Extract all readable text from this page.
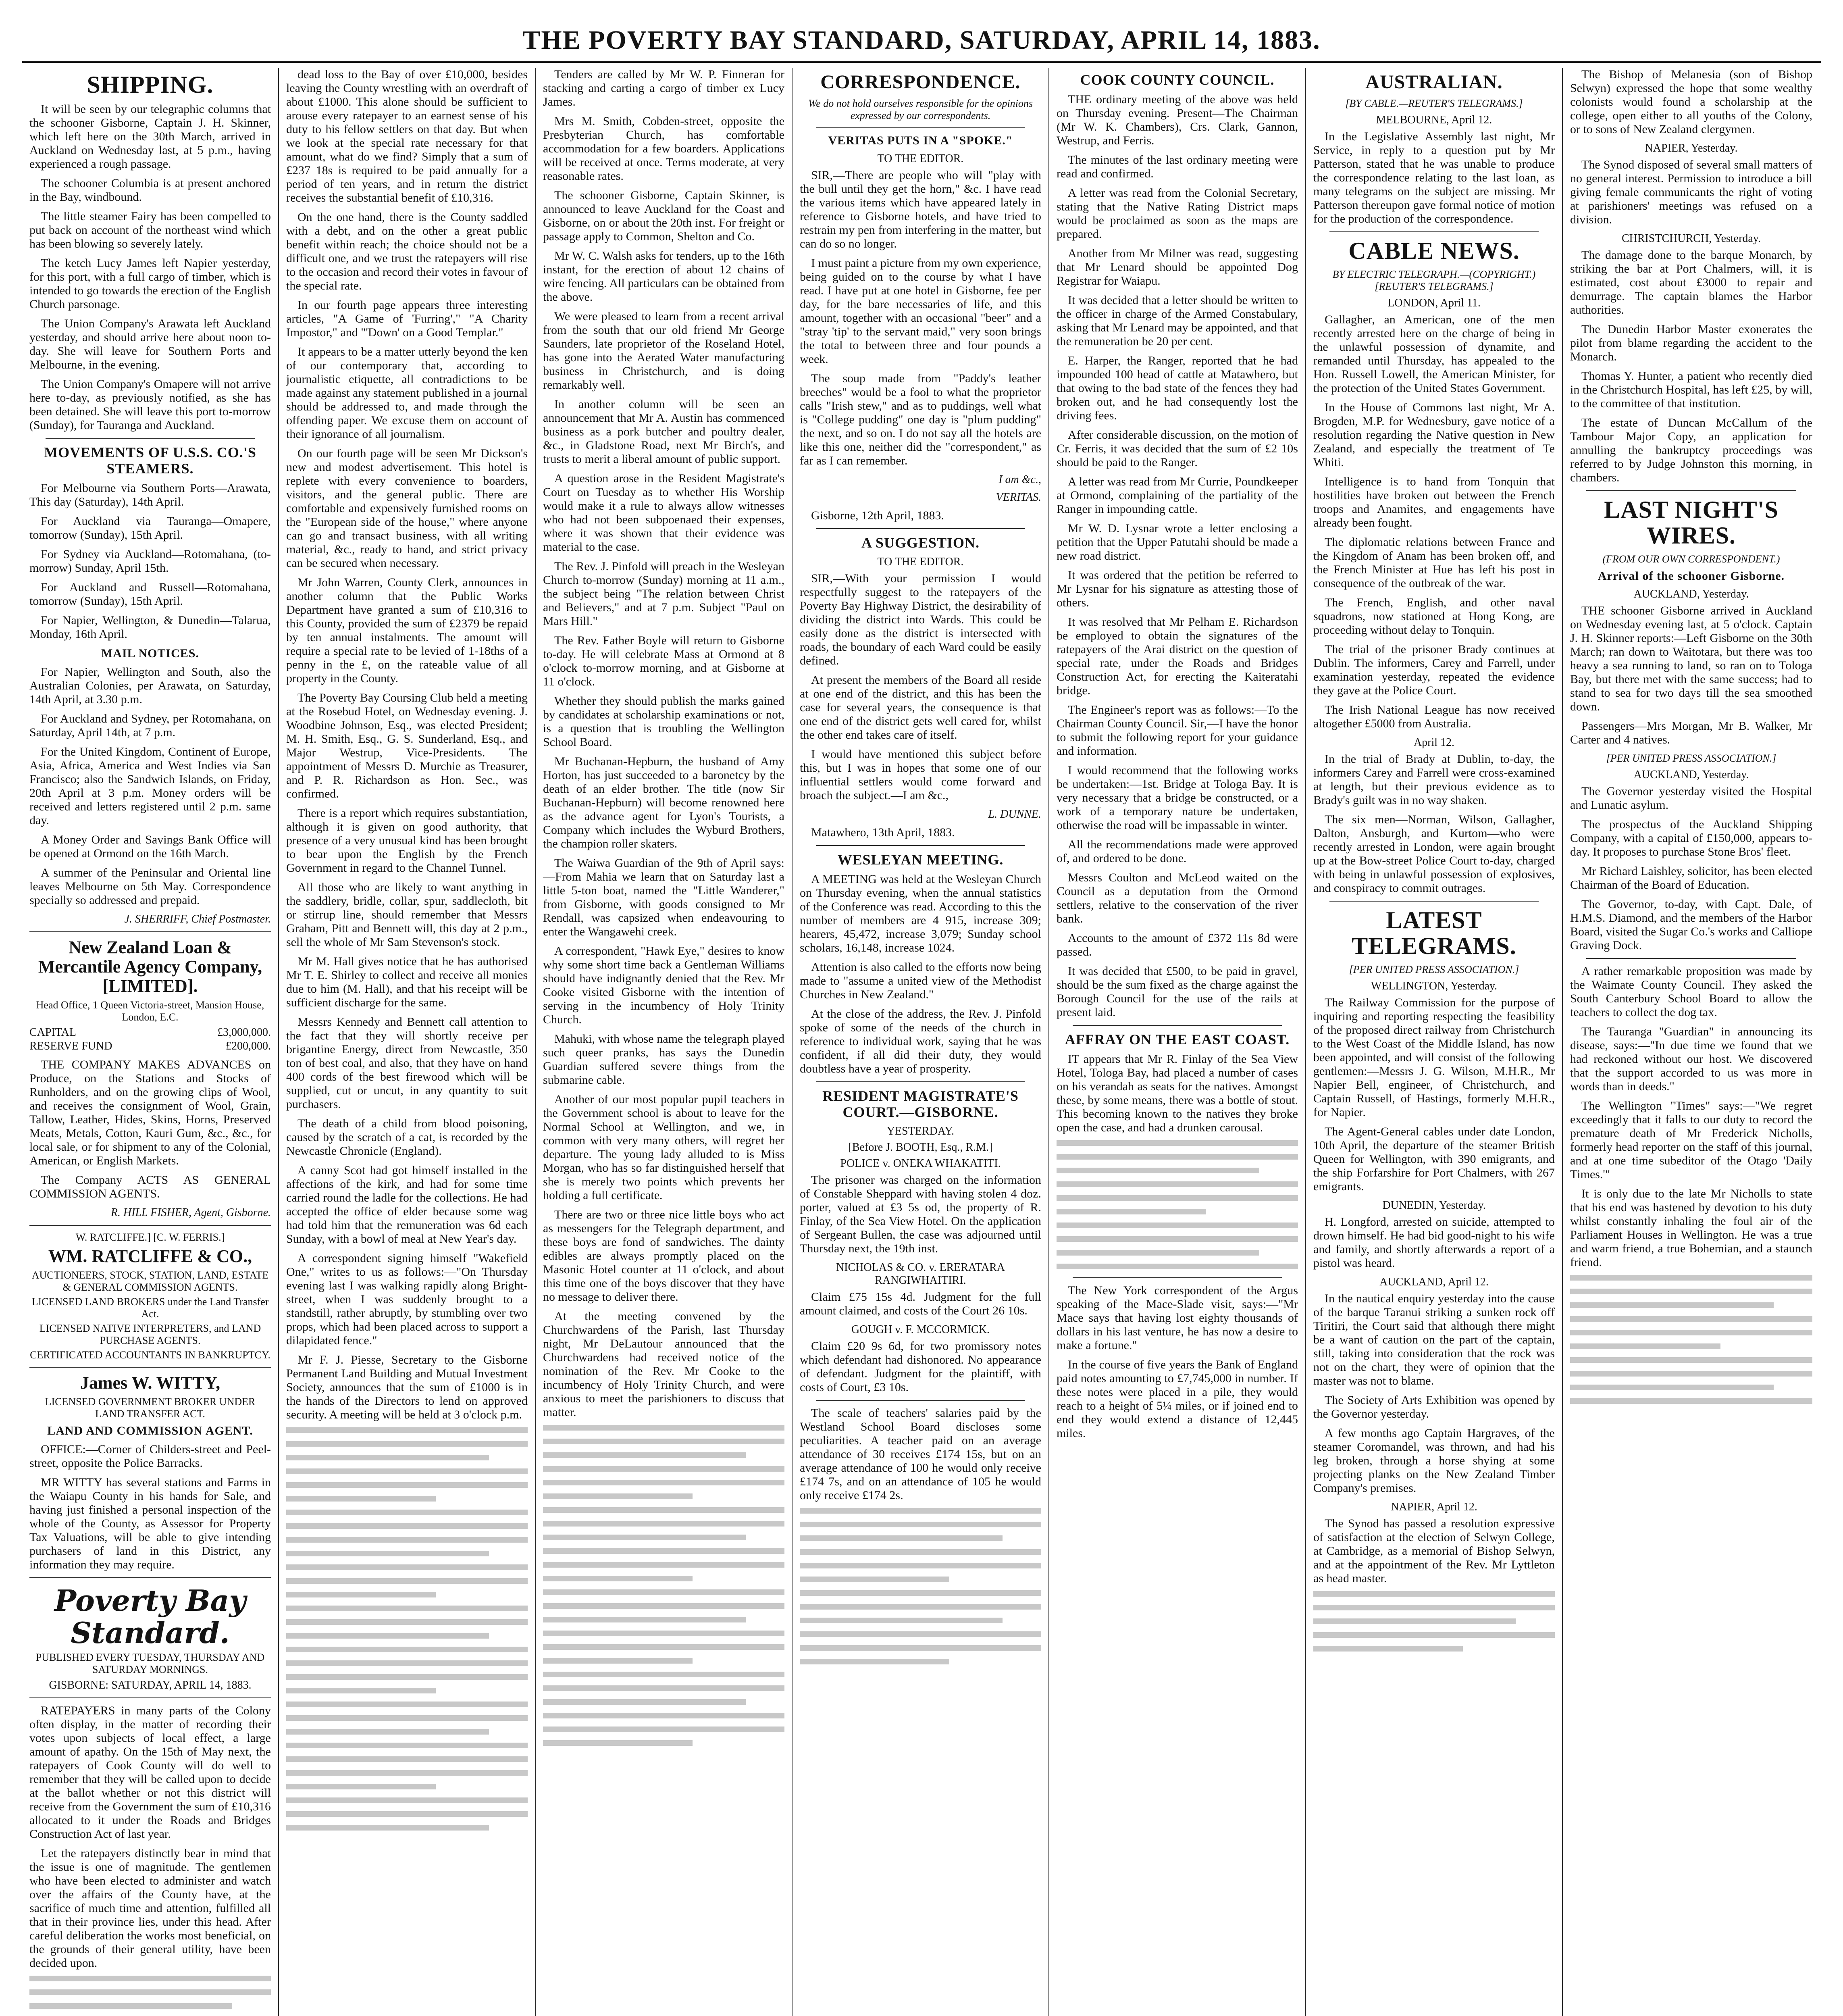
THE POVERTY BAY STANDARD, SATURDAY, APRIL 14, 1883.
SHIPPING.

It will be seen by our telegraphic columns that the schooner Gisborne, Captain J. H. Skinner, which left here on the 30th March, arrived in Auckland on Wednesday last, at 5 p.m., having experienced a rough passage.

The schooner Columbia is at present anchored in the Bay, windbound.

The little steamer Fairy has been compelled to put back on account of the northeast wind which has been blowing so severely lately.

The ketch Lucy James left Napier yesterday, for this port, with a full cargo of timber, which is intended to go towards the erection of the English Church parsonage.

The Union Company's Arawata left Auckland yesterday, and should arrive here about noon to-day. She will leave for Southern Ports and Melbourne, in the evening.

The Union Company's Omapere will not arrive here to-day, as previously notified, as she has been detained. She will leave this port to-morrow (Sunday), for Tauranga and Auckland.

MOVEMENTS OF U.S.S. CO.'S STEAMERS.

For Melbourne via Southern Ports—Arawata, This day (Saturday), 14th April.

For Auckland via Tauranga—Omapere, tomorrow (Sunday), 15th April.

For Sydney via Auckland—Rotomahana, (to-morrow) Sunday, April 15th.

For Auckland and Russell—Rotomahana, tomorrow (Sunday), 15th April.

For Napier, Wellington, & Dunedin—Talarua, Monday, 16th April.

MAIL NOTICES.

For Napier, Wellington and South, also the Australian Colonies, per Arawata, on Saturday, 14th April, at 3.30 p.m.

For Auckland and Sydney, per Rotomahana, on Saturday, April 14th, at 7 p.m.

For the United Kingdom, Continent of Europe, Asia, Africa, America and West Indies via San Francisco; also the Sandwich Islands, on Friday, 20th April at 3 p.m. Money orders will be received and letters registered until 2 p.m. same day.

A Money Order and Savings Bank Office will be opened at Ormond on the 16th March.

A summer of the Peninsular and Oriental line leaves Melbourne on 5th May. Correspondence specially so addressed and prepaid.

J. SHERRIFF, Chief Postmaster.
New Zealand Loan & Mercantile Agency Company, [LIMITED].
Head Office, 1 Queen Victoria-street, Mansion House, London, E.C.
CAPITAL	£3,000,000.
RESERVE FUND	£200,000.

THE COMPANY MAKES ADVANCES on Produce, on the Stations and Stocks of Runholders, and on the growing clips of Wool, and receives the consignment of Wool, Grain, Tallow, Leather, Hides, Skins, Horns, Preserved Meats, Metals, Cotton, Kauri Gum, &c., &c., for local sale, or for shipment to any of the Colonial, American, or English Markets.

The Company ACTS AS GENERAL COMMISSION AGENTS.

R. HILL FISHER, Agent, Gisborne.
W. RATCLIFFE.] [C. W. FERRIS.]
WM. RATCLIFFE & CO.,
AUCTIONEERS, STOCK, STATION, LAND, ESTATE & GENERAL COMMISSION AGENTS.
LICENSED LAND BROKERS under the Land Transfer Act.
LICENSED NATIVE INTERPRETERS, and LAND PURCHASE AGENTS.
CERTIFICATED ACCOUNTANTS IN BANKRUPTCY.
James W. WITTY,
LICENSED GOVERNMENT BROKER UNDER LAND TRANSFER ACT.
LAND AND COMMISSION AGENT.

OFFICE:—Corner of Childers-street and Peel-street, opposite the Police Barracks.

MR WITTY has several stations and Farms in the Waiapu County in his hands for Sale, and having just finished a personal inspection of the whole of the County, as Assessor for Property Tax Valuations, will be able to give intending purchasers of land in this District, any information they may require.

Poverty Bay Standard.
PUBLISHED EVERY TUESDAY, THURSDAY AND SATURDAY MORNINGS.
GISBORNE: SATURDAY, APRIL 14, 1883.

RATEPAYERS in many parts of the Colony often display, in the matter of recording their votes upon subjects of local effect, a large amount of apathy. On the 15th of May next, the ratepayers of Cook County will do well to remember that they will be called upon to decide at the ballot whether or not this district will receive from the Government the sum of £10,316 allocated to it under the Roads and Bridges Construction Act of last year.

Let the ratepayers distinctly bear in mind that the issue is one of magnitude. The gentlemen who have been elected to administer and watch over the affairs of the County have, at the sacrifice of much time and attention, fulfilled all that in their province lies, under this head. After careful deliberation the works most beneficial, on the grounds of their general utility, have been decided upon.

dead loss to the Bay of over £10,000, besides leaving the County wrestling with an overdraft of about £1000. This alone should be sufficient to arouse every ratepayer to an earnest sense of his duty to his fellow settlers on that day. But when we look at the special rate necessary for that amount, what do we find? Simply that a sum of £237 18s is required to be paid annually for a period of ten years, and in return the district receives the substantial benefit of £10,316.

On the one hand, there is the County saddled with a debt, and on the other a great public benefit within reach; the choice should not be a difficult one, and we trust the ratepayers will rise to the occasion and record their votes in favour of the special rate.

In our fourth page appears three interesting articles, "A Game of 'Furring'," "A Charity Impostor," and "'Down' on a Good Templar."

It appears to be a matter utterly beyond the ken of our contemporary that, according to journalistic etiquette, all contradictions to be made against any statement published in a journal should be addressed to, and made through the offending paper. We excuse them on account of their ignorance of all journalism.

On our fourth page will be seen Mr Dickson's new and modest advertisement. This hotel is replete with every convenience to boarders, visitors, and the general public. There are comfortable and expensively furnished rooms on the "European side of the house," where anyone can go and transact business, with all writing material, &c., ready to hand, and strict privacy can be secured when necessary.

Mr John Warren, County Clerk, announces in another column that the Public Works Department have granted a sum of £10,316 to this County, provided the sum of £2379 be repaid by ten annual instalments. The amount will require a special rate to be levied of 1-18ths of a penny in the £, on the rateable value of all property in the County.

The Poverty Bay Coursing Club held a meeting at the Rosebud Hotel, on Wednesday evening. J. Woodbine Johnson, Esq., was elected President; M. H. Smith, Esq., G. S. Sunderland, Esq., and Major Westrup, Vice-Presidents. The appointment of Messrs D. Murchie as Treasurer, and P. R. Richardson as Hon. Sec., was confirmed.

There is a report which requires substantiation, although it is given on good authority, that presence of a very unusual kind has been brought to bear upon the English by the French Government in regard to the Channel Tunnel.

All those who are likely to want anything in the saddlery, bridle, collar, spur, saddlecloth, bit or stirrup line, should remember that Messrs Graham, Pitt and Bennett will, this day at 2 p.m., sell the whole of Mr Sam Stevenson's stock.

Mr M. Hall gives notice that he has authorised Mr T. E. Shirley to collect and receive all monies due to him (M. Hall), and that his receipt will be sufficient discharge for the same.

Messrs Kennedy and Bennett call attention to the fact that they will shortly receive per brigantine Energy, direct from Newcastle, 350 ton of best coal, and also, that they have on hand 400 cords of the best firewood which will be supplied, cut or uncut, in any quantity to suit purchasers.

The death of a child from blood poisoning, caused by the scratch of a cat, is recorded by the Newcastle Chronicle (England).

A canny Scot had got himself installed in the affections of the kirk, and had for some time carried round the ladle for the collections. He had accepted the office of elder because some wag had told him that the remuneration was 6d each Sunday, with a bowl of meal at New Year's day.

A correspondent signing himself "Wakefield One," writes to us as follows:—"On Thursday evening last I was walking rapidly along Bright-street, when I was suddenly brought to a standstill, rather abruptly, by stumbling over two props, which had been placed across to support a dilapidated fence."

Mr F. J. Piesse, Secretary to the Gisborne Permanent Land Building and Mutual Investment Society, announces that the sum of £1000 is in the hands of the Directors to lend on approved security. A meeting will be held at 3 o'clock p.m.

Tenders are called by Mr W. P. Finneran for stacking and carting a cargo of timber ex Lucy James.

Mrs M. Smith, Cobden-street, opposite the Presbyterian Church, has comfortable accommodation for a few boarders. Applications will be received at once. Terms moderate, at very reasonable rates.

The schooner Gisborne, Captain Skinner, is announced to leave Auckland for the Coast and Gisborne, on or about the 20th inst. For freight or passage apply to Common, Shelton and Co.

Mr W. C. Walsh asks for tenders, up to the 16th instant, for the erection of about 12 chains of wire fencing. All particulars can be obtained from the above.

We were pleased to learn from a recent arrival from the south that our old friend Mr George Saunders, late proprietor of the Roseland Hotel, has gone into the Aerated Water manufacturing business in Christchurch, and is doing remarkably well.

In another column will be seen an announcement that Mr A. Austin has commenced business as a pork butcher and poultry dealer, &c., in Gladstone Road, next Mr Birch's, and trusts to merit a liberal amount of public support.

A question arose in the Resident Magistrate's Court on Tuesday as to whether His Worship would make it a rule to always allow witnesses who had not been subpoenaed their expenses, where it was shown that their evidence was material to the case.

The Rev. J. Pinfold will preach in the Wesleyan Church to-morrow (Sunday) morning at 11 a.m., the subject being "The relation between Christ and Believers," and at 7 p.m. Subject "Paul on Mars Hill."

The Rev. Father Boyle will return to Gisborne to-day. He will celebrate Mass at Ormond at 8 o'clock to-morrow morning, and at Gisborne at 11 o'clock.

Whether they should publish the marks gained by candidates at scholarship examinations or not, is a question that is troubling the Wellington School Board.

Mr Buchanan-Hepburn, the husband of Amy Horton, has just succeeded to a baronetcy by the death of an elder brother. The title (now Sir Buchanan-Hepburn) will become renowned here as the advance agent for Lyon's Tourists, a Company which includes the Wyburd Brothers, the champion roller skaters.

The Waiwa Guardian of the 9th of April says:—From Mahia we learn that on Saturday last a little 5-ton boat, named the "Little Wanderer," from Gisborne, with goods consigned to Mr Rendall, was capsized when endeavouring to enter the Wangawehi creek.

A correspondent, "Hawk Eye," desires to know why some short time back a Gentleman Williams should have indignantly denied that the Rev. Mr Cooke visited Gisborne with the intention of serving in the incumbency of Holy Trinity Church.

Mahuki, with whose name the telegraph played such queer pranks, has says the Dunedin Guardian suffered severe things from the submarine cable.

Another of our most popular pupil teachers in the Government school is about to leave for the Normal School at Wellington, and we, in common with very many others, will regret her departure. The young lady alluded to is Miss Morgan, who has so far distinguished herself that she is merely two points which prevents her holding a full certificate.

There are two or three nice little boys who act as messengers for the Telegraph department, and these boys are fond of sandwiches. The dainty edibles are always promptly placed on the Masonic Hotel counter at 11 o'clock, and about this time one of the boys discover that they have no message to deliver there.

At the meeting convened by the Churchwardens of the Parish, last Thursday night, Mr DeLautour announced that the Churchwardens had received notice of the nomination of the Rev. Mr Cooke to the incumbency of Holy Trinity Church, and were anxious to meet the parishioners to discuss that matter.

CORRESPONDENCE.
We do not hold ourselves responsible for the opinions expressed by our correspondents.
VERITAS PUTS IN A "SPOKE."
TO THE EDITOR.

SIR,—There are people who will "play with the bull until they get the horn," &c. I have read the various items which have appeared lately in reference to Gisborne hotels, and have tried to restrain my pen from interfering in the matter, but can do so no longer.

I must paint a picture from my own experience, being guided on to the course by what I have read. I have put at one hotel in Gisborne, fee per day, for the bare necessaries of life, and this amount, together with an occasional "beer" and a "stray 'tip' to the servant maid," very soon brings the total to between three and four pounds a week.

The soup made from "Paddy's leather breeches" would be a fool to what the proprietor calls "Irish stew," and as to puddings, well what is "College pudding" one day is "plum pudding" the next, and so on. I do not say all the hotels are like this one, neither did the "correspondent," as far as I can remember.

I am &c.,
VERITAS.

Gisborne, 12th April, 1883.

A SUGGESTION.
TO THE EDITOR.

SIR,—With your permission I would respectfully suggest to the ratepayers of the Poverty Bay Highway District, the desirability of dividing the district into Wards. This could be easily done as the district is intersected with roads, the boundary of each Ward could be easily defined.

At present the members of the Board all reside at one end of the district, and this has been the case for several years, the consequence is that one end of the district gets well cared for, whilst the other end takes care of itself.

I would have mentioned this subject before this, but I was in hopes that some one of our influential settlers would come forward and broach the subject.—I am &c.,

L. DUNNE.

Matawhero, 13th April, 1883.

WESLEYAN MEETING.

A MEETING was held at the Wesleyan Church on Thursday evening, when the annual statistics of the Conference was read. According to this the number of members are 4 915, increase 309; hearers, 45,472, increase 3,079; Sunday school scholars, 16,148, increase 1024.

Attention is also called to the efforts now being made to "assume a united view of the Methodist Churches in New Zealand."

At the close of the address, the Rev. J. Pinfold spoke of some of the needs of the church in reference to individual work, saying that he was confident, if all did their duty, they would doubtless have a year of prosperity.

RESIDENT MAGISTRATE'S COURT.—GISBORNE.
YESTERDAY.
[Before J. BOOTH, Esq., R.M.]
POLICE v. ONEKA WHAKATITI.

The prisoner was charged on the information of Constable Sheppard with having stolen 4 doz. porter, valued at £3 5s od, the property of R. Finlay, of the Sea View Hotel. On the application of Sergeant Bullen, the case was adjourned until Thursday next, the 19th inst.

NICHOLAS & CO. v. ERERATARA RANGIWHAITIRI.

Claim £75 15s 4d. Judgment for the full amount claimed, and costs of the Court 26 10s.

GOUGH v. F. MCCORMICK.

Claim £20 9s 6d, for two promissory notes which defendant had dishonored. No appearance of defendant. Judgment for the plaintiff, with costs of Court, £3 10s.

The scale of teachers' salaries paid by the Westland School Board discloses some peculiarities. A teacher paid on an average attendance of 30 receives £174 15s, but on an average attendance of 100 he would only receive £174 7s, and on an attendance of 105 he would only receive £174 2s.

COOK COUNTY COUNCIL.

THE ordinary meeting of the above was held on Thursday evening. Present—The Chairman (Mr W. K. Chambers), Crs. Clark, Gannon, Westrup, and Ferris.

The minutes of the last ordinary meeting were read and confirmed.

A letter was read from the Colonial Secretary, stating that the Native Rating District maps would be proclaimed as soon as the maps are prepared.

Another from Mr Milner was read, suggesting that Mr Lenard should be appointed Dog Registrar for Waiapu.

It was decided that a letter should be written to the officer in charge of the Armed Constabulary, asking that Mr Lenard may be appointed, and that the remuneration be 20 per cent.

E. Harper, the Ranger, reported that he had impounded 100 head of cattle at Matawhero, but that owing to the bad state of the fences they had broken out, and he had consequently lost the driving fees.

After considerable discussion, on the motion of Cr. Ferris, it was decided that the sum of £2 10s should be paid to the Ranger.

A letter was read from Mr Currie, Poundkeeper at Ormond, complaining of the partiality of the Ranger in impounding cattle.

Mr W. D. Lysnar wrote a letter enclosing a petition that the Upper Patutahi should be made a new road district.

It was ordered that the petition be referred to Mr Lysnar for his signature as attesting those of others.

It was resolved that Mr Pelham E. Richardson be employed to obtain the signatures of the ratepayers of the Arai district on the question of special rate, under the Roads and Bridges Construction Act, for erecting the Kaiteratahi bridge.

The Engineer's report was as follows:—To the Chairman County Council. Sir,—I have the honor to submit the following report for your guidance and information.

I would recommend that the following works be undertaken:—1st. Bridge at Tologa Bay. It is very necessary that a bridge be constructed, or a work of a temporary nature be undertaken, otherwise the road will be impassable in winter.

All the recommendations made were approved of, and ordered to be done.

Messrs Coulton and McLeod waited on the Council as a deputation from the Ormond settlers, relative to the conservation of the river bank.

Accounts to the amount of £372 11s 8d were passed.

It was decided that £500, to be paid in gravel, should be the sum fixed as the charge against the Borough Council for the use of the rails at present laid.

AFFRAY ON THE EAST COAST.

IT appears that Mr R. Finlay of the Sea View Hotel, Tologa Bay, had placed a number of cases on his verandah as seats for the natives. Amongst these, by some means, there was a bottle of stout. This becoming known to the natives they broke open the case, and had a drunken carousal.

The New York correspondent of the Argus speaking of the Mace-Slade visit, says:—"Mr Mace says that having lost eighty thousands of dollars in his last venture, he has now a desire to make a fortune."

In the course of five years the Bank of England paid notes amounting to £7,745,000 in number. If these notes were placed in a pile, they would reach to a height of 5¼ miles, or if joined end to end they would extend a distance of 12,445 miles.

AUSTRALIAN.
[BY CABLE.—REUTER'S TELEGRAMS.]
MELBOURNE, April 12.

In the Legislative Assembly last night, Mr Service, in reply to a question put by Mr Patterson, stated that he was unable to produce the correspondence relating to the last loan, as many telegrams on the subject are missing. Mr Patterson thereupon gave formal notice of motion for the production of the correspondence.

CABLE NEWS.
BY ELECTRIC TELEGRAPH.—(COPYRIGHT.) [REUTER'S TELEGRAMS.]
LONDON, April 11.

Gallagher, an American, one of the men recently arrested here on the charge of being in the unlawful possession of dynamite, and remanded until Thursday, has appealed to the Hon. Russell Lowell, the American Minister, for the protection of the United States Government.

In the House of Commons last night, Mr A. Brogden, M.P. for Wednesbury, gave notice of a resolution regarding the Native question in New Zealand, and especially the treatment of Te Whiti.

Intelligence is to hand from Tonquin that hostilities have broken out between the French troops and Anamites, and engagements have already been fought.

The diplomatic relations between France and the Kingdom of Anam has been broken off, and the French Minister at Hue has left his post in consequence of the outbreak of the war.

The French, English, and other naval squadrons, now stationed at Hong Kong, are proceeding without delay to Tonquin.

The trial of the prisoner Brady continues at Dublin. The informers, Carey and Farrell, under examination yesterday, repeated the evidence they gave at the Police Court.

The Irish National League has now received altogether £5000 from Australia.

April 12.

In the trial of Brady at Dublin, to-day, the informers Carey and Farrell were cross-examined at length, but their previous evidence as to Brady's guilt was in no way shaken.

The six men—Norman, Wilson, Gallagher, Dalton, Ansburgh, and Kurtom—who were recently arrested in London, were again brought up at the Bow-street Police Court to-day, charged with being in unlawful possession of explosives, and conspiracy to commit outrages.

LATEST TELEGRAMS.
[PER UNITED PRESS ASSOCIATION.]
WELLINGTON, Yesterday.

The Railway Commission for the purpose of inquiring and reporting respecting the feasibility of the proposed direct railway from Christchurch to the West Coast of the Middle Island, has now been appointed, and will consist of the following gentlemen:—Messrs J. G. Wilson, M.H.R., Mr Napier Bell, engineer, of Christchurch, and Captain Russell, of Hastings, formerly M.H.R., for Napier.

The Agent-General cables under date London, 10th April, the departure of the steamer British Queen for Wellington, with 390 emigrants, and the ship Forfarshire for Port Chalmers, with 267 emigrants.

DUNEDIN, Yesterday.

H. Longford, arrested on suicide, attempted to drown himself. He had bid good-night to his wife and family, and shortly afterwards a report of a pistol was heard.

AUCKLAND, April 12.

In the nautical enquiry yesterday into the cause of the barque Taranui striking a sunken rock off Tiritiri, the Court said that although there might be a want of caution on the part of the captain, still, taking into consideration that the rock was not on the chart, they were of opinion that the master was not to blame.

The Society of Arts Exhibition was opened by the Governor yesterday.

A few months ago Captain Hargraves, of the steamer Coromandel, was thrown, and had his leg broken, through a horse shying at some projecting planks on the New Zealand Timber Company's premises.

NAPIER, April 12.

The Synod has passed a resolution expressive of satisfaction at the election of Selwyn College, at Cambridge, as a memorial of Bishop Selwyn, and at the appointment of the Rev. Mr Lyttleton as head master.

The Bishop of Melanesia (son of Bishop Selwyn) expressed the hope that some wealthy colonists would found a scholarship at the college, open either to all youths of the Colony, or to sons of New Zealand clergymen.

NAPIER, Yesterday.

The Synod disposed of several small matters of no general interest. Permission to introduce a bill giving female communicants the right of voting at parishioners' meetings was refused on a division.

CHRISTCHURCH, Yesterday.

The damage done to the barque Monarch, by striking the bar at Port Chalmers, will, it is estimated, cost about £3000 to repair and demurrage. The captain blames the Harbor authorities.

The Dunedin Harbor Master exonerates the pilot from blame regarding the accident to the Monarch.

Thomas Y. Hunter, a patient who recently died in the Christchurch Hospital, has left £25, by will, to the committee of that institution.

The estate of Duncan McCallum of the Tambour Major Copy, an application for annulling the bankruptcy proceedings was referred to by Judge Johnston this morning, in chambers.

LAST NIGHT'S WIRES.
(FROM OUR OWN CORRESPONDENT.)
Arrival of the schooner Gisborne.
AUCKLAND, Yesterday.

THE schooner Gisborne arrived in Auckland on Wednesday evening last, at 5 o'clock. Captain J. H. Skinner reports:—Left Gisborne on the 30th March; ran down to Waitotara, but there was too heavy a sea running to land, so ran on to Tologa Bay, but there met with the same success; had to stand to sea for two days till the sea smoothed down.

Passengers—Mrs Morgan, Mr B. Walker, Mr Carter and 4 natives.

[PER UNITED PRESS ASSOCIATION.]
AUCKLAND, Yesterday.

The Governor yesterday visited the Hospital and Lunatic asylum.

The prospectus of the Auckland Shipping Company, with a capital of £150,000, appears to-day. It proposes to purchase Stone Bros' fleet.

Mr Richard Laishley, solicitor, has been elected Chairman of the Board of Education.

The Governor, to-day, with Capt. Dale, of H.M.S. Diamond, and the members of the Harbor Board, visited the Sugar Co.'s works and Calliope Graving Dock.

A rather remarkable proposition was made by the Waimate County Council. They asked the South Canterbury School Board to allow the teachers to collect the dog tax.

The Tauranga "Guardian" in announcing its disease, says:—"In due time we found that we had reckoned without our host. We discovered that the support accorded to us was more in words than in deeds."

The Wellington "Times" says:—"We regret exceedingly that it falls to our duty to record the premature death of Mr Frederick Nicholls, formerly head reporter on the staff of this journal, and at one time subeditor of the Otago 'Daily Times.'"

It is only due to the late Mr Nicholls to state that his end was hastened by devotion to his duty whilst constantly inhaling the foul air of the Parliament Houses in Wellington. He was a true and warm friend, a true Bohemian, and a staunch friend.
